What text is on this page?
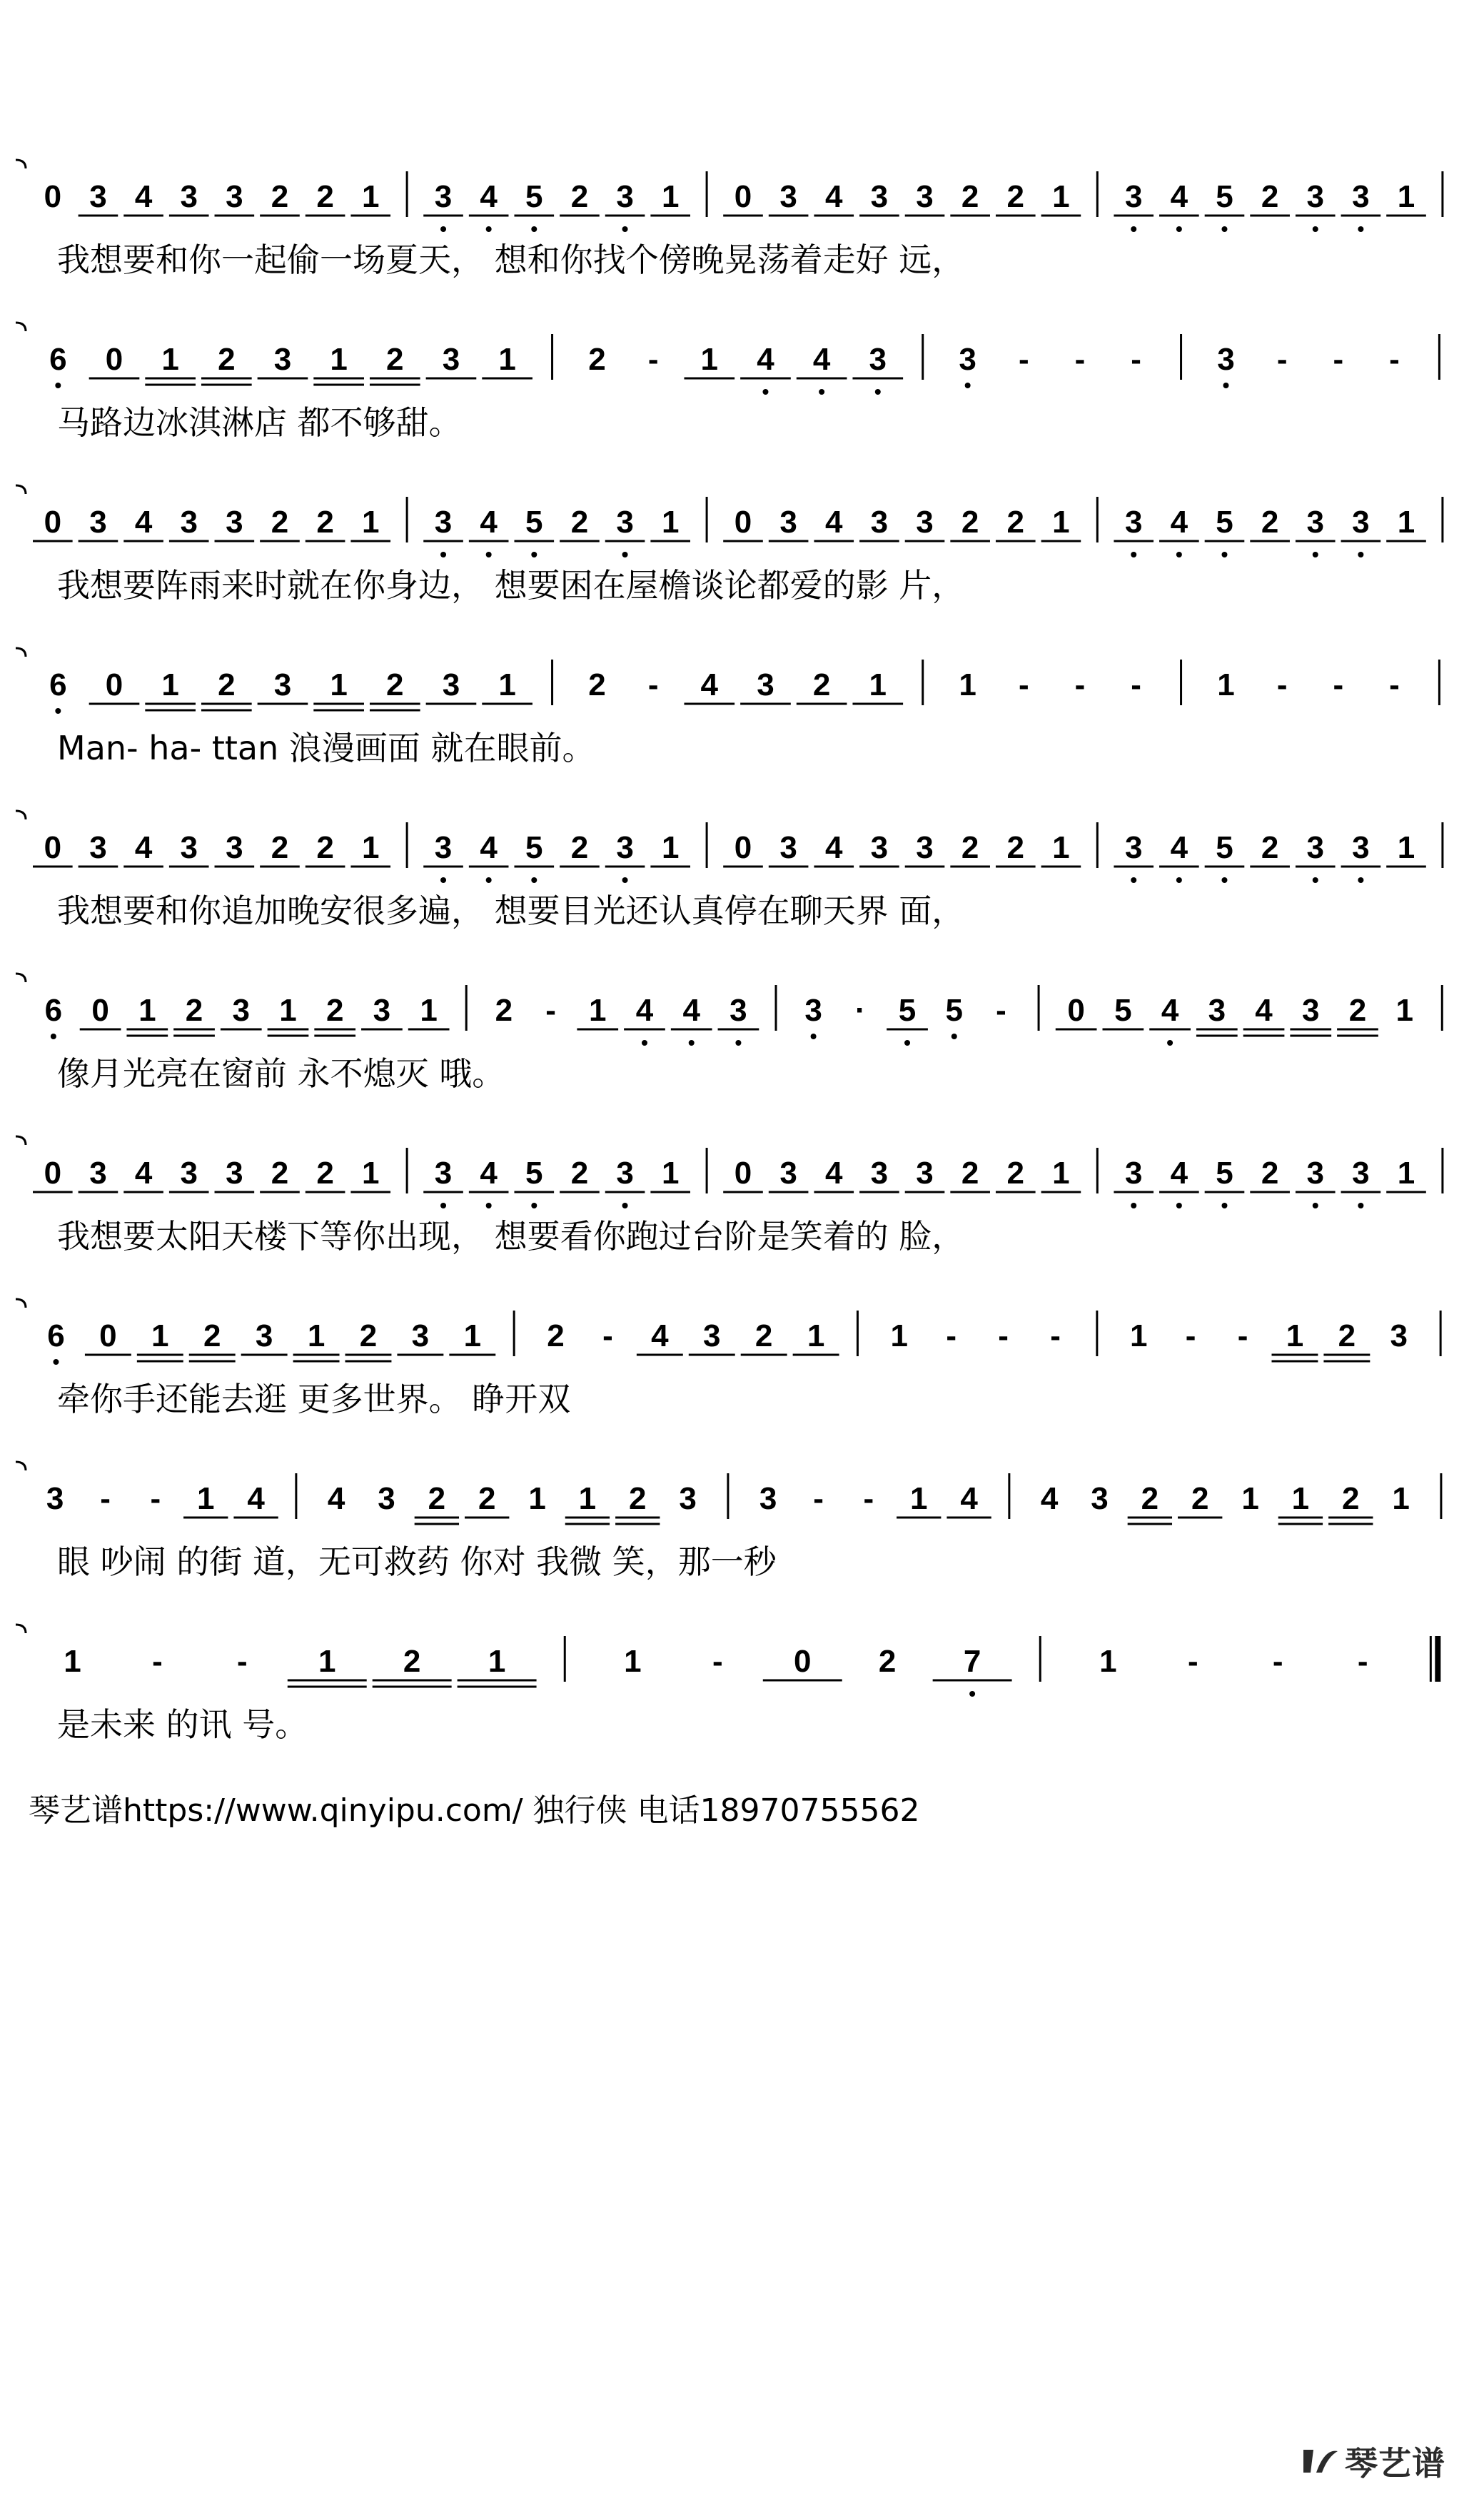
0 3 4 3 3 2 2 1 3 4 5 2 3 1 0 3 4 3 3 2 2 1 3 4 5 2 3 3 1
我想要和你一起偷一场夏天， 想和你找个傍晚晃荡着走好 远，
6 0 1 2 3 1 2 3 1 2 - 1 4 4 3 3 - - - 3 - - -
马路边冰淇淋店 都不够甜。
0 3 4 3 3 2 2 1 3 4 5 2 3 1 0 3 4 3 3 2 2 1 3 4 5 2 3 3 1
我想要阵雨来时就在你身边， 想要困在屋檐谈论都爱的影 片，
6 0 1 2 3 1 2 3 1 2 - 4 3 2 1 1 - - - 1 - - -
Man- ha- ttan 浪漫画面 就在眼前。
0 3 4 3 3 2 2 1 3 4 5 2 3 1 0 3 4 3 3 2 2 1 3 4 5 2 3 3 1
我想要和你追加晚安很多遍， 想要目光还认真停在聊天界 面，
6 0 1 2 3 1 2 3 1 2 - 1 4 4 3 3 · 5 5 - 0 5 4 3 4 3 2 1
像月光亮在窗前 永不熄灭 哦。
0 3 4 3 3 2 2 1 3 4 5 2 3 1 0 3 4 3 3 2 2 1 3 4 5 2 3 3 1
我想要太阳天楼下等你出现， 想要看你跑过台阶是笑着的 脸，
6 0 1 2 3 1 2 3 1 2 - 4 3 2 1 1 - - - 1 - - 1 2 3
牵你手还能去逛 更多世界。 睁开双
3 - - 1 4 4 3 2 2 1 1 2 3 3 - - 1 4 4 3 2 2 1 1 2 1
眼 吵闹 的街 道，无可救药 你对 我微 笑，那一秒
1 - - 1 2 1	1 - 0 2 7	1 - - -
是未来 的讯 号。
琴艺谱https://www.qinyipu.com/ 独行侠 电话18970755562
琴艺谱
